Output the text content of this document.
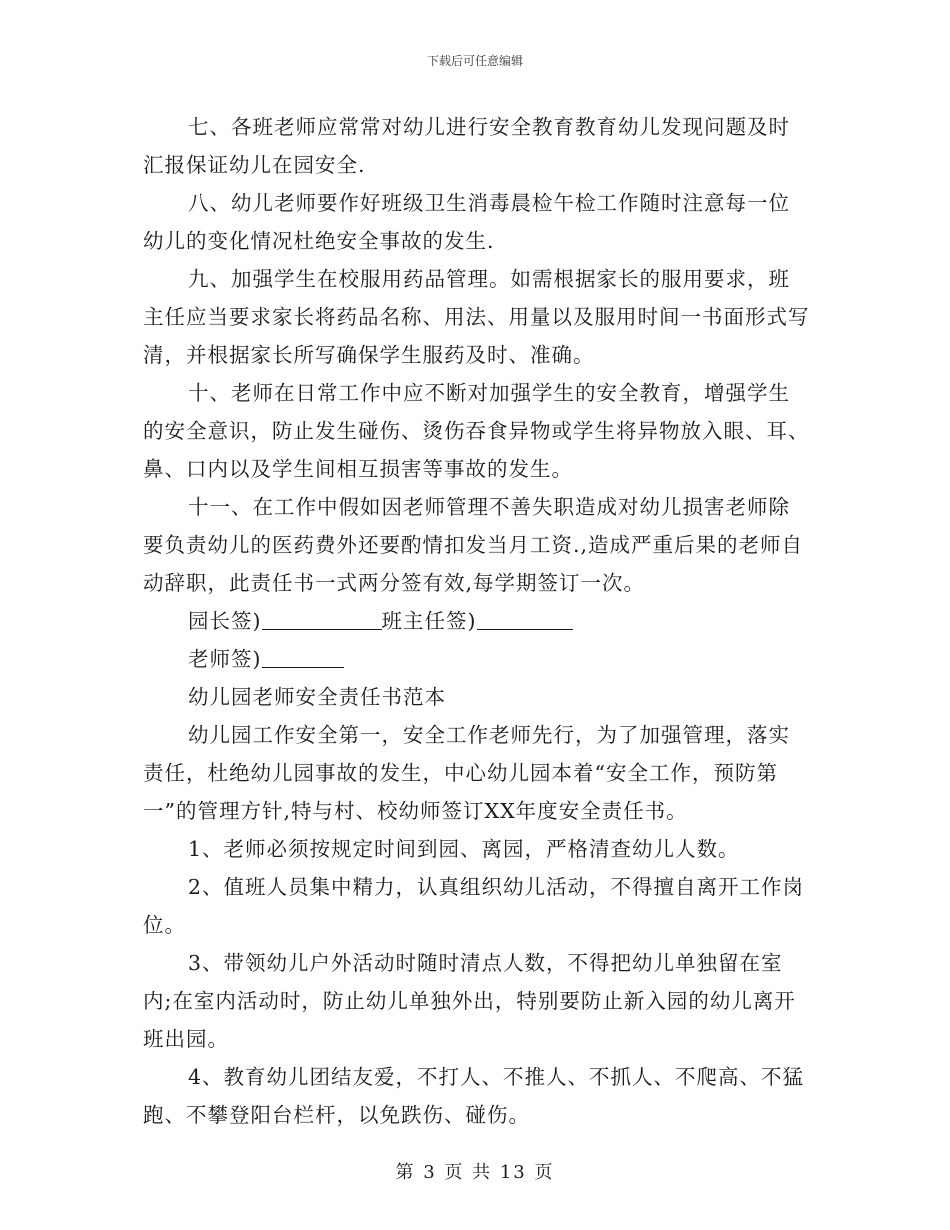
下载后可任意编辑

七、各班老师应常常对幼儿进行安全教育教育幼儿发现问题及时汇报保证幼儿在园安全.

八、幼儿老师要作好班级卫生消毒晨检午检工作随时注意每一位幼儿的变化情况杜绝安全事故的发生.

九、加强学生在校服用药品管理。如需根据家长的服用要求，班主任应当要求家长将药品名称、用法、用量以及服用时间一书面形式写清，并根据家长所写确保学生服药及时、准确。

十、老师在日常工作中应不断对加强学生的安全教育，增强学生的安全意识，防止发生碰伤、烫伤吞食异物或学生将异物放入眼、耳、鼻、口内以及学生间相互损害等事故的发生。

十一、在工作中假如因老师管理不善失职造成对幼儿损害老师除要负责幼儿的医药费外还要酌情扣发当月工资.,造成严重后果的老师自动辞职，此责任书一式两分签有效,每学期签订一次。

园长签)	班主任签)

老师签)

幼儿园老师安全责任书范本

幼儿园工作安全第一，安全工作老师先行，为了加强管理，落实责任，杜绝幼儿园事故的发生，中心幼儿园本着“安全工作，预防第一”的管理方针,特与村、校幼师签订XX年度安全责任书。

1、老师必须按规定时间到园、离园，严格清查幼儿人数。

2、值班人员集中精力，认真组织幼儿活动，不得擅自离开工作岗位。

3、带领幼儿户外活动时随时清点人数，不得把幼儿单独留在室内;在室内活动时，防止幼儿单独外出，特别要防止新入园的幼儿离开班出园。

4、教育幼儿团结友爱，不打人、不推人、不抓人、不爬高、不猛跑、不攀登阳台栏杆，以免跌伤、碰伤。

第 3 页 共 13 页
